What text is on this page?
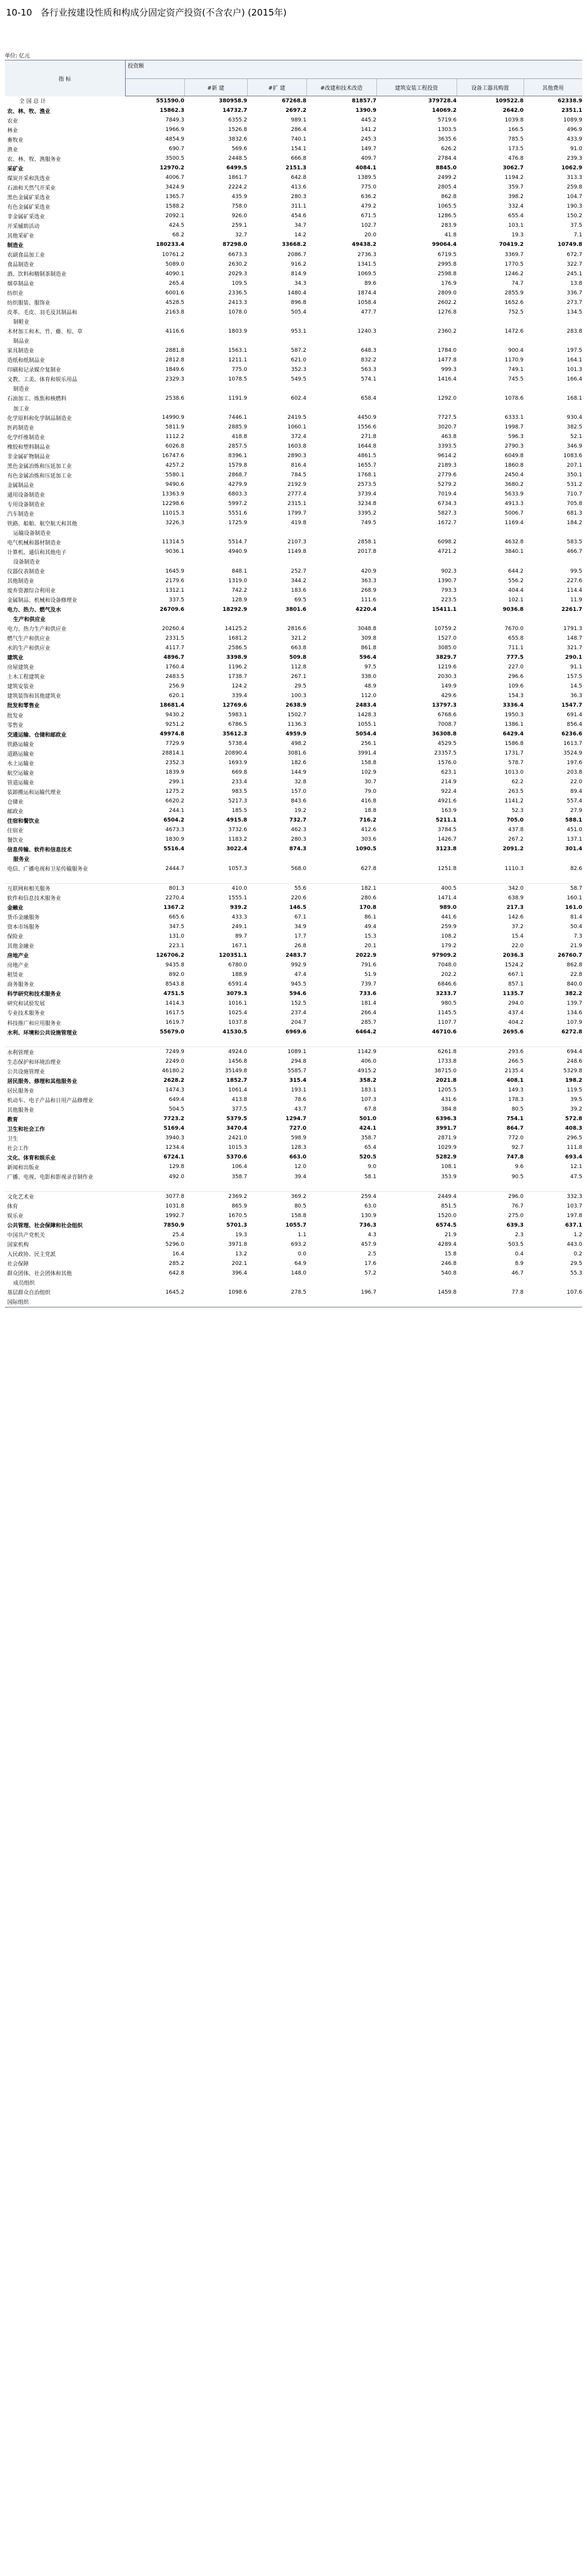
10-10 各行业按建设性质和构成分固定资产投资(不含农户) (2015年)
单位: 亿元
指 标	投资额						
		#新 建	#扩 建	#改建和技术改造	建筑安装工程投资	设备工器具购置	其他费用
全 国 总 计	551590.0	380958.9	67268.8	81857.7	379728.4	109522.8	62338.9
农、林、牧、渔业	15862.3	14732.7	2697.2	1390.9	14069.2	2642.0	2351.1
农业	7849.3	6355.2	989.1	445.2	5719.6	1039.8	1089.9
林业	1966.9	1526.8	286.4	141.2	1303.5	166.5	496.9
畜牧业	4854.9	3832.6	740.1	245.3	3635.6	785.5	433.9
渔业	690.7	569.6	154.1	149.7	626.2	173.5	91.0
农、林、牧、渔服务业	3500.5	2448.5	666.8	409.7	2784.4	476.8	239.3
采矿业	12970.2	6499.5	2151.3	4084.1	8845.0	3062.7	1062.9
煤炭开采和洗选业	4006.7	1861.7	642.8	1389.5	2499.2	1194.2	313.3
石油和天然气开采业	3424.9	2224.2	413.6	775.0	2805.4	359.7	259.8
黑色金属矿采选业	1365.7	435.9	280.3	636.2	862.8	398.2	104.7
有色金属矿采选业	1588.2	758.0	311.1	479.2	1065.5	332.4	190.3
非金属矿采选业	2092.1	926.0	454.6	671.5	1286.5	655.4	150.2
开采辅助活动	424.5	259.1	34.7	102.7	283.9	103.1	37.5
其他采矿业	68.2	32.7	14.2	20.0	41.8	19.3	7.1
制造业	180233.4	87298.0	33668.2	49438.2	99064.4	70419.2	10749.8
农副食品加工业	10761.2	6673.3	2086.7	2736.3	6719.5	3369.7	672.7
食品制造业	5089.0	2630.2	916.2	1341.5	2995.8	1770.5	322.7
酒、饮料和精制茶制造业	4090.1	2029.3	814.9	1069.5	2598.8	1246.2	245.1
烟草制品业	265.4	109.5	34.3	89.6	176.9	74.7	13.8
纺织业	6001.6	2336.5	1480.4	1874.4	2809.0	2855.9	336.7
纺织服装、服饰业	4528.5	2413.3	896.8	1058.4	2602.2	1652.6	273.7
皮革、毛皮、羽毛及其制品和	2163.8	1078.0	505.4	477.7	1276.8	752.5	134.5
制鞋业							
木材加工和木、竹、藤、棕、草	4116.6	1803.9	953.1	1240.3	2360.2	1472.6	283.8
制品业							
家具制造业	2881.8	1563.1	587.2	648.3	1784.0	900.4	197.5
造纸和纸制品业	2812.8	1211.1	621.0	832.2	1477.8	1170.9	164.1
印刷和记录媒介复制业	1849.6	775.0	352.3	563.3	999.3	749.1	101.3
文教、工美、体育和娱乐用品	2329.3	1078.5	549.5	574.1	1416.4	745.5	166.4
制造业							
石油加工、炼焦和核燃料	2538.6	1191.9	602.4	658.4	1292.0	1078.6	168.1
加工业							
化学原料和化学制品制造业	14990.9	7446.1	2419.5	4450.9	7727.5	6333.1	930.4
医药制造业	5811.9	2885.9	1060.1	1556.6	3020.7	1998.7	382.5
化学纤维制造业	1112.2	418.8	372.4	271.8	463.8	596.3	52.1
橡胶和塑料制品业	6026.8	2857.5	1603.8	1644.8	3393.5	2790.3	346.9
非金属矿物制品业	16747.6	8396.1	2890.3	4861.5	9614.2	6049.8	1083.6
黑色金属冶炼和压延加工业	4257.2	1579.8	816.4	1655.7	2189.3	1860.8	207.1
有色金属冶炼和压延加工业	5580.1	2868.7	784.5	1768.1	2779.6	2450.4	350.1
金属制品业	9490.6	4279.9	2192.9	2573.5	5279.2	3680.2	531.2
通用设备制造业	13363.9	6803.3	2777.4	3739.4	7019.4	5633.9	710.7
专用设备制造业	12298.6	5997.2	2315.1	3234.8	6734.3	4913.3	705.8
汽车制造业	11015.3	5551.6	1799.7	3395.2	5827.3	5006.7	681.3
铁路、船舶、航空航天和其他	3226.3	1725.9	419.8	749.5	1672.7	1169.4	184.2
运输设备制造业							
电气机械和器材制造业	11314.5	5514.7	2107.3	2858.1	6098.2	4632.8	583.5
计算机、通信和其他电子	9036.1	4940.9	1149.8	2017.8	4721.2	3840.1	466.7
设备制造业							
仪器仪表制造业	1645.9	848.1	252.7	420.9	902.3	644.2	99.5
其他制造业	2179.6	1319.0	344.2	363.3	1390.7	556.2	227.6
废弃资源综合利用业	1312.1	742.2	183.6	268.9	793.3	404.4	114.4
金属制品、机械和设备修理业	337.5	128.9	69.5	111.6	223.5	102.1	11.9
电力、热力、燃气及水	26709.6	18292.9	3801.6	4220.4	15411.1	9036.8	2261.7
生产和供应业							
电力、热力生产和供应业	20260.4	14125.2	2816.6	3048.8	10759.2	7670.0	1791.3
燃气生产和供应业	2331.5	1681.2	321.2	309.8	1527.0	655.8	148.7
水的生产和供应业	4117.7	2586.5	663.8	861.8	3085.0	711.1	321.7
建筑业	4896.7	3398.9	509.8	596.4	3829.7	777.5	290.1
房屋建筑业	1760.4	1196.2	112.8	97.5	1219.6	227.0	91.1
土木工程建筑业	2483.5	1738.7	267.1	338.0	2030.3	296.6	157.5
建筑安装业	256.9	124.2	29.5	48.9	149.9	109.6	14.5
建筑装饰和其他建筑业	620.1	339.4	100.3	112.0	429.6	154.3	36.3
批发和零售业	18681.4	12769.6	2638.9	2483.4	13797.3	3336.4	1547.7
批发业	9430.2	5983.1	1502.7	1428.3	6768.6	1950.3	691.4
零售业	9251.2	6786.5	1136.3	1055.1	7008.7	1386.1	856.4
交通运输、仓储和邮政业	49974.8	35612.3	4959.9	5054.4	36308.8	6429.4	6236.6
铁路运输业	7729.9	5738.4	498.2	256.1	4529.5	1586.8	1613.7
道路运输业	28814.1	20890.4	3081.6	3991.4	23357.5	1731.7	3524.9
水上运输业	2352.3	1693.9	182.6	158.8	1576.0	578.7	197.6
航空运输业	1839.9	669.8	144.9	102.9	623.1	1013.0	203.8
管道运输业	299.1	233.4	32.8	30.7	214.9	62.2	22.0
装卸搬运和运输代理业	1275.2	983.5	157.0	79.0	922.4	263.5	89.4
仓储业	6620.2	5217.3	843.6	416.8	4921.6	1141.2	557.4
邮政业	244.1	185.5	19.2	18.8	163.9	52.3	27.9
住宿和餐饮业	6504.2	4915.8	732.7	716.2	5211.1	705.0	588.1
住宿业	4673.3	3732.6	462.3	412.6	3784.5	437.8	451.0
餐饮业	1830.9	1183.2	280.3	303.6	1426.7	267.2	137.1
信息传输、软件和信息技术	5516.4	3022.4	874.3	1090.5	3123.8	2091.2	301.4
服务业							
电信、广播电视和卫星传输服务业	2444.7	1057.3	568.0	627.8	1251.8	1110.3	82.6

互联网和相关服务	801.3	410.0	55.6	182.1	400.5	342.0	58.7
软件和信息技术服务业	2270.4	1555.1	220.6	280.6	1471.4	638.9	160.1
金融业	1367.2	939.2	146.5	170.8	989.0	217.3	161.0
货币金融服务	665.6	433.3	67.1	86.1	441.6	142.6	81.4
资本市场服务	347.5	249.1	34.9	49.4	259.9	37.2	50.4
保险业	131.0	89.7	17.7	15.3	108.2	15.4	7.3
其他金融业	223.1	167.1	26.8	20.1	179.2	22.0	21.9
房地产业	126706.2	120351.1	2483.7	2022.9	97909.2	2036.3	26760.7
房地产业	9435.8	6780.0	992.9	791.6	7048.0	1524.2	862.8
租赁业	892.0	188.9	47.4	51.9	202.2	667.1	22.8
商务服务业	8543.8	6591.4	945.5	739.7	6846.6	857.1	840.0
科学研究和技术服务业	4751.5	3079.3	594.6	733.6	3233.7	1135.7	382.2
研究和试验发展	1414.3	1016.1	152.5	181.4	980.5	294.0	139.7
专业技术服务业	1617.5	1025.4	237.4	266.4	1145.5	437.4	134.6
科技推广和应用服务业	1619.7	1037.8	204.7	285.7	1107.7	404.2	107.9
水利、环境和公共设施管理业	55679.0	41530.5	6969.6	6464.2	46710.6	2695.6	6272.8

水利管理业	7249.9	4924.0	1089.1	1142.9	6261.8	293.6	694.4
生态保护和环境治理业	2249.0	1456.8	294.8	406.0	1733.8	266.5	248.6
公共设施管理业	46180.2	35149.8	5585.7	4915.2	38715.0	2135.4	5329.8
居民服务、修理和其他服务业	2628.2	1852.7	315.4	358.2	2021.8	408.1	198.2
居民服务业	1474.3	1061.4	193.1	183.1	1205.5	149.3	119.5
机动车、电子产品和日用产品修理业	649.4	413.8	78.6	107.3	431.6	178.3	39.5
其他服务业	504.5	377.5	43.7	67.8	384.8	80.5	39.2
教育	7723.2	5379.5	1294.7	501.0	6396.3	754.1	572.8
卫生和社会工作	5169.4	3470.4	727.0	424.1	3991.7	864.7	408.3
卫生	3940.3	2421.0	598.9	358.7	2871.9	772.0	296.5
社会工作	1234.4	1015.3	128.3	65.4	1029.9	92.7	111.8
文化、体育和娱乐业	6724.1	5370.6	663.0	520.5	5282.9	747.8	693.4
新闻和出版业	129.8	106.4	12.0	9.0	108.1	9.6	12.1
广播、电视、电影和影视录音制作业	492.0	358.7	39.4	58.1	353.9	90.5	47.5

文化艺术业	3077.8	2369.2	369.2	259.4	2449.4	296.0	332.3
体育	1031.8	865.9	80.5	63.0	851.5	76.7	103.7
娱乐业	1992.7	1670.5	158.8	130.9	1520.0	275.0	197.8
公共管理、社会保障和社会组织	7850.9	5701.3	1055.7	736.3	6574.5	639.3	637.1
中国共产党机关	25.4	19.3	1.1	4.3	21.9	2.3	1.2
国家机构	5296.0	3971.8	693.2	457.9	4289.4	503.5	443.0
人民政协、民主党派	16.4	13.2	0.0	2.5	15.8	0.4	0.2
社会保障	285.2	202.1	64.9	17.6	246.8	8.9	29.5
群众团体、社会团体和其他	642.8	396.4	148.0	57.2	540.8	46.7	55.3
成员组织							
基层群众自治组织	1645.2	1098.6	278.5	196.7	1459.8	77.8	107.6
国际组织							
